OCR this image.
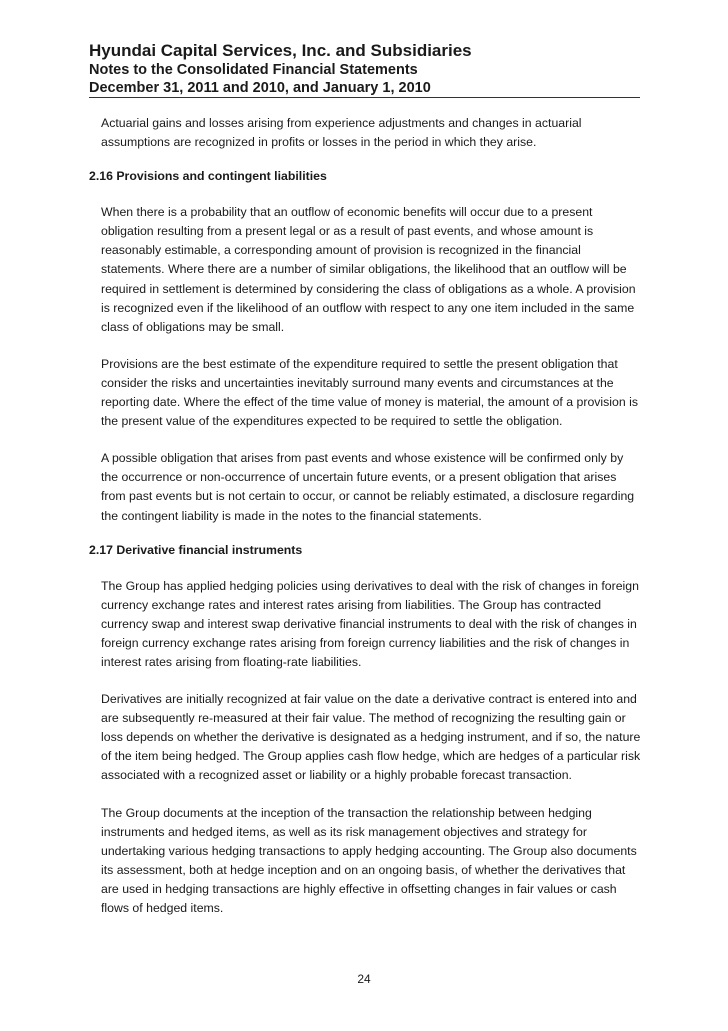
Hyundai Capital Services, Inc. and Subsidiaries
Notes to the Consolidated Financial Statements
December 31, 2011 and 2010, and January 1, 2010
Actuarial gains and losses arising from experience adjustments and changes in actuarial
assumptions are recognized in profits or losses in the period in which they arise.
2.16 Provisions and contingent liabilities
When there is a probability that an outflow of economic benefits will occur due to a present
obligation resulting from a present legal or as a result of past events, and whose amount is
reasonably estimable, a corresponding amount of provision is recognized in the financial
statements. Where there are a number of similar obligations, the likelihood that an outflow will be
required in settlement is determined by considering the class of obligations as a whole. A provision
is recognized even if the likelihood of an outflow with respect to any one item included in the same
class of obligations may be small.
Provisions are the best estimate of the expenditure required to settle the present obligation that
consider the risks and uncertainties inevitably surround many events and circumstances at the
reporting date. Where the effect of the time value of money is material, the amount of a provision is
the present value of the expenditures expected to be required to settle the obligation.
A possible obligation that arises from past events and whose existence will be confirmed only by
the occurrence or non-occurrence of uncertain future events, or a present obligation that arises
from past events but is not certain to occur, or cannot be reliably estimated, a disclosure regarding
the contingent liability is made in the notes to the financial statements.
2.17 Derivative financial instruments
The Group has applied hedging policies using derivatives to deal with the risk of changes in foreign
currency exchange rates and interest rates arising from liabilities. The Group has contracted
currency swap and interest swap derivative financial instruments to deal with the risk of changes in
foreign currency exchange rates arising from foreign currency liabilities and the risk of changes in
interest rates arising from floating-rate liabilities.
Derivatives are initially recognized at fair value on the date a derivative contract is entered into and
are subsequently re-measured at their fair value. The method of recognizing the resulting gain or
loss depends on whether the derivative is designated as a hedging instrument, and if so, the nature
of the item being hedged. The Group applies cash flow hedge, which are hedges of a particular risk
associated with a recognized asset or liability or a highly probable forecast transaction.
The Group documents at the inception of the transaction the relationship between hedging
instruments and hedged items, as well as its risk management objectives and strategy for
undertaking various hedging transactions to apply hedging accounting. The Group also documents
its assessment, both at hedge inception and on an ongoing basis, of whether the derivatives that
are used in hedging transactions are highly effective in offsetting changes in fair values or cash
flows of hedged items.
24
